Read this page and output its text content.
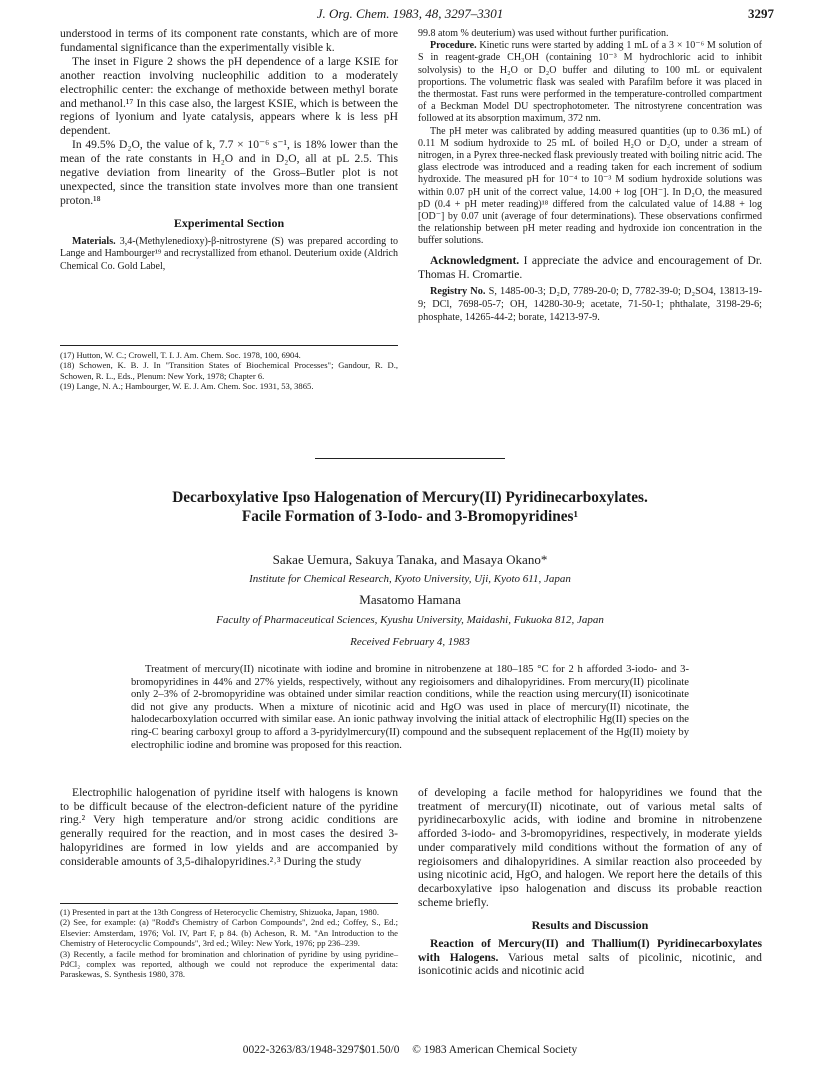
J. Org. Chem. 1983, 48, 3297–3301	3297

understood in terms of its component rate constants, which are of more fundamental significance than the experimentally visible k.

The inset in Figure 2 shows the pH dependence of a large KSIE for another reaction involving nucleophilic addition to a moderately electrophilic center: the exchange of methoxide between methyl borate and methanol.¹⁷ In this case also, the largest KSIE, which is between the regions of lyonium and lyate catalysis, appears where k is less pH dependent.

In 49.5% D₂O, the value of k, 7.7 × 10⁻⁶ s⁻¹, is 18% lower than the mean of the rate constants in H₂O and in D₂O, all at pL 2.5. This negative deviation from linearity of the Gross–Butler plot is not unexpected, since the transition state involves more than one transient proton.¹⁸

Experimental Section

Materials. 3,4-(Methylenedioxy)-β-nitrostyrene (S) was prepared according to Lange and Hambourger¹⁹ and recrystallized from ethanol. Deuterium oxide (Aldrich Chemical Co. Gold Label,

(17) Hutton, W. C.; Crowell, T. I. J. Am. Chem. Soc. 1978, 100, 6904.

(18) Schowen, K. B. J. In "Transition States of Biochemical Processes"; Gandour, R. D., Schowen, R. L., Eds., Plenum: New York, 1978; Chapter 6.

(19) Lange, N. A.; Hambourger, W. E. J. Am. Chem. Soc. 1931, 53, 3865.

99.8 atom % deuterium) was used without further purification.

Procedure. Kinetic runs were started by adding 1 mL of a 3 × 10⁻⁶ M solution of S in reagent-grade CH₃OH (containing 10⁻³ M hydrochloric acid to inhibit solvolysis) to the H₂O or D₂O buffer and diluting to 100 mL or equivalent proportions. The volumetric flask was sealed with Parafilm before it was placed in the thermostat. Fast runs were performed in the temperature-controlled compartment of a Beckman Model DU spectrophotometer. The nitrostyrene concentration was followed at its absorption maximum, 372 nm.

The pH meter was calibrated by adding measured quantities (up to 0.36 mL) of 0.11 M sodium hydroxide to 25 mL of boiled H₂O or D₂O, under a stream of nitrogen, in a Pyrex three-necked flask previously treated with boiling nitric acid. The glass electrode was introduced and a reading taken for each increment of sodium hydroxide. The measured pH for 10⁻⁴ to 10⁻³ M sodium hydroxide solutions was within 0.07 pH unit of the correct value, 14.00 + log [OH⁻]. In D₂O, the measured pD (0.4 + pH meter reading)¹⁸ differed from the calculated value of 14.88 + log [OD⁻] by 0.07 unit (average of four determinations). These observations confirmed the relationship between pH meter reading and hydroxide ion concentration in the buffer solutions.

Acknowledgment. I appreciate the advice and encouragement of Dr. Thomas H. Cromartie.

Registry No. S, 1485-00-3; D₂D, 7789-20-0; D, 7782-39-0; D₂SO4, 13813-19-9; DCl, 7698-05-7; OH, 14280-30-9; acetate, 71-50-1; phthalate, 3198-29-6; phosphate, 14265-44-2; borate, 14213-97-9.

Decarboxylative Ipso Halogenation of Mercury(II) Pyridinecarboxylates.
Facile Formation of 3-Iodo- and 3-Bromopyridines¹
Sakae Uemura, Sakuya Tanaka, and Masaya Okano*
Institute for Chemical Research, Kyoto University, Uji, Kyoto 611, Japan
Masatomo Hamana
Faculty of Pharmaceutical Sciences, Kyushu University, Maidashi, Fukuoka 812, Japan
Received February 4, 1983
Treatment of mercury(II) nicotinate with iodine and bromine in nitrobenzene at 180–185 °C for 2 h afforded 3-iodo- and 3-bromopyridines in 44% and 27% yields, respectively, without any regioisomers and dihalopyridines. From mercury(II) picolinate only 2–3% of 2-bromopyridine was obtained under similar reaction conditions, while the reaction using mercury(II) isonicotinate did not give any products. When a mixture of nicotinic acid and HgO was used in place of mercury(II) nicotinate, the halodecarboxylation occurred with similar ease. An ionic pathway involving the initial attack of electrophilic Hg(II) species on the ring-C bearing carboxyl group to afford a 3-pyridylmercury(II) compound and the subsequent replacement of the Hg(II) moiety by electrophilic iodine and bromine was proposed for this reaction.

Electrophilic halogenation of pyridine itself with halogens is known to be difficult because of the electron-deficient nature of the pyridine ring.² Very high temperature and/or strong acidic conditions are generally required for the reaction, and in most cases the desired 3-halopyridines are formed in low yields and are accompanied by considerable amounts of 3,5-dihalopyridines.²˒³ During the study

(1) Presented in part at the 13th Congress of Heterocyclic Chemistry, Shizuoka, Japan, 1980.

(2) See, for example: (a) "Rodd's Chemistry of Carbon Compounds", 2nd ed.; Coffey, S., Ed.; Elsevier: Amsterdam, 1976; Vol. IV, Part F, p 84. (b) Acheson, R. M. "An Introduction to the Chemistry of Heterocyclic Compounds", 3rd ed.; Wiley: New York, 1976; pp 236–239.

(3) Recently, a facile method for bromination and chlorination of pyridine by using pyridine–PdCl₂ complex was reported, although we could not reproduce the experimental data: Paraskewas, S. Synthesis 1980, 378.

of developing a facile method for halopyridines we found that the treatment of mercury(II) nicotinate, out of various metal salts of pyridinecarboxylic acids, with iodine and bromine in nitrobenzene afforded 3-iodo- and 3-bromopyridines, respectively, in moderate yields under comparatively mild conditions without the formation of any of regioisomers and dihalopyridines. A similar reaction also proceeded by using nicotinic acid, HgO, and halogen. We report here the details of this decarboxylative ipso halogenation and discuss its probable reaction scheme briefly.

Results and Discussion

Reaction of Mercury(II) and Thallium(I) Pyridinecarboxylates with Halogens. Various metal salts of picolinic, nicotinic, and isonicotinic acids and nicotinic acid

0022-3263/83/1948-3297$01.50/0 © 1983 American Chemical Society
